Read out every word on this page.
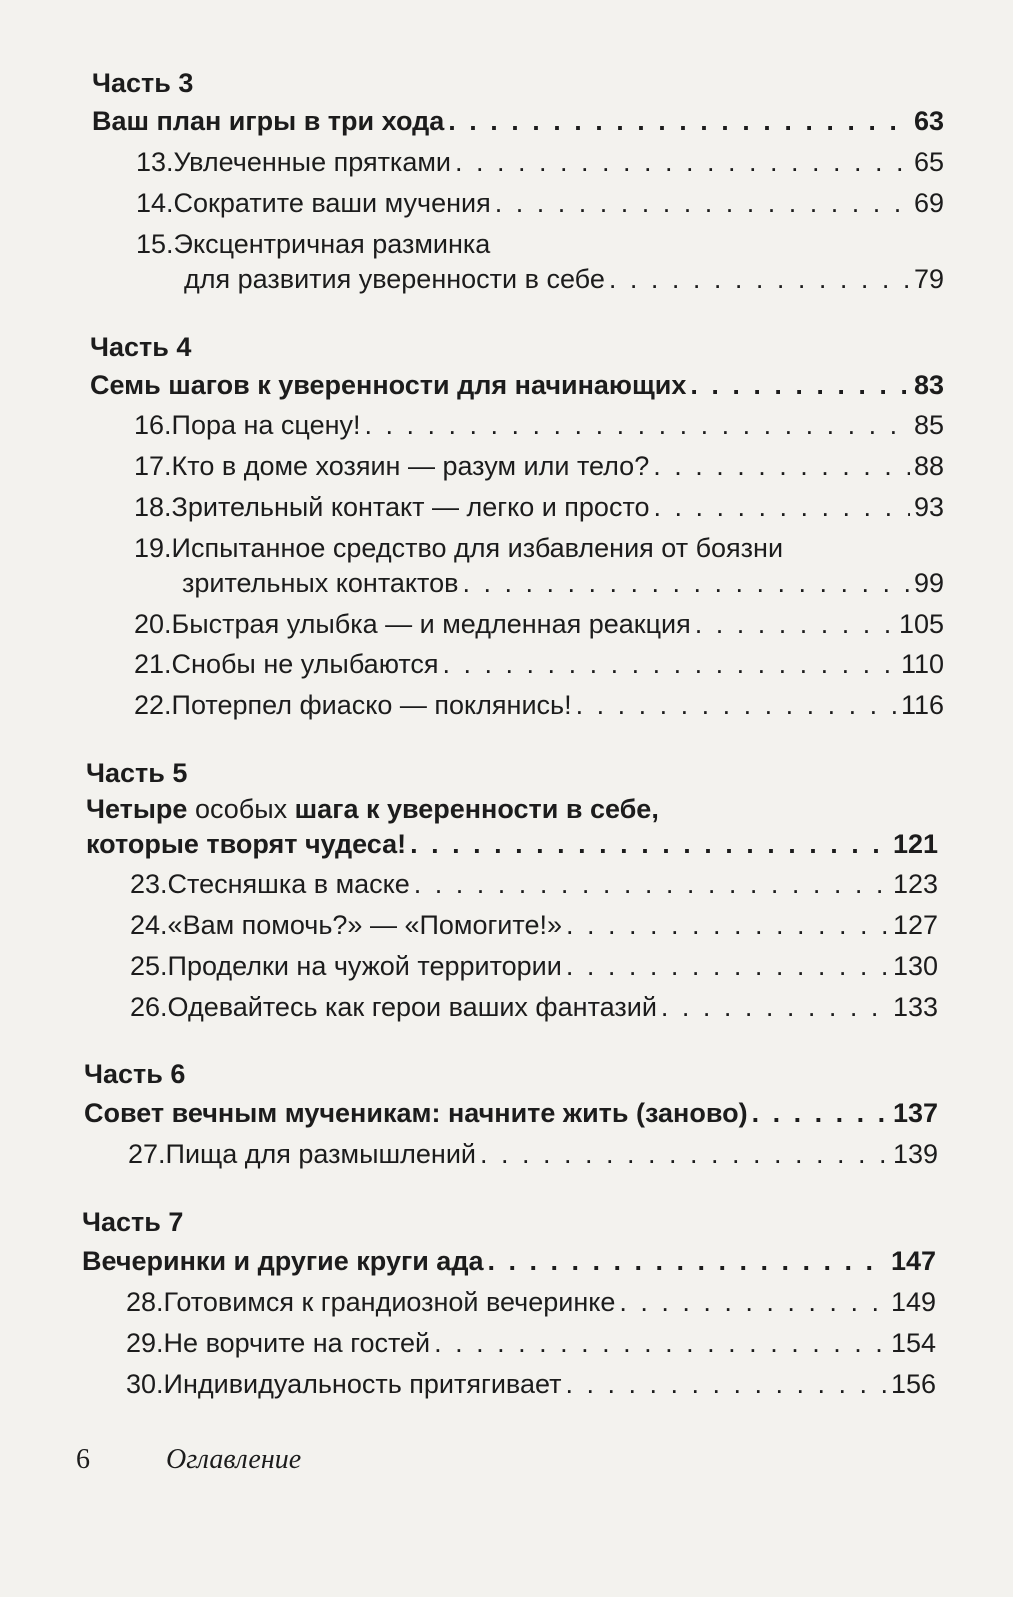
Часть 3
Ваш план игры в три хода . . .	63
13. Увлеченные прятками . . .	65
14. Сократите ваши мучения . . .	69
15.Эксцентричная разминка
для развития уверенности в себе . . .	79
Часть 4
Семь шагов к уверенности для начинающих . . .	83
16. Пора на сцену! . . .	85
17. Кто в доме хозяин — разум или тело? . . .	88
18. Зрительный контакт — легко и просто . . .	93
19.Испытанное средство для избавления от боязни
зрительных контактов . . .	99
20. Быстрая улыбка — и медленная реакция . . .	105
21. Снобы не улыбаются . . .	110
22. Потерпел фиаско — поклянись! . . .	116
Часть 5
Четыре особых шага к уверенности в себе,
которые творят чудеса! . . .	121
23. Стесняшка в маске . . .	123
24. «Вам помочь?» — «Помогите!» . . .	127
25. Проделки на чужой территории . . .	130
26. Одевайтесь как герои ваших фантазий . . .	133
Часть 6
Совет вечным мученикам: начните жить (заново) . . .	137
27. Пища для размышлений . . .	139
Часть 7
Вечеринки и другие круги ада . . .	147
28. Готовимся к грандиозной вечеринке . . .	149
29. Не ворчите на гостей . . .	154
30. Индивидуальность притягивает . . .	156
6	Оглавление
